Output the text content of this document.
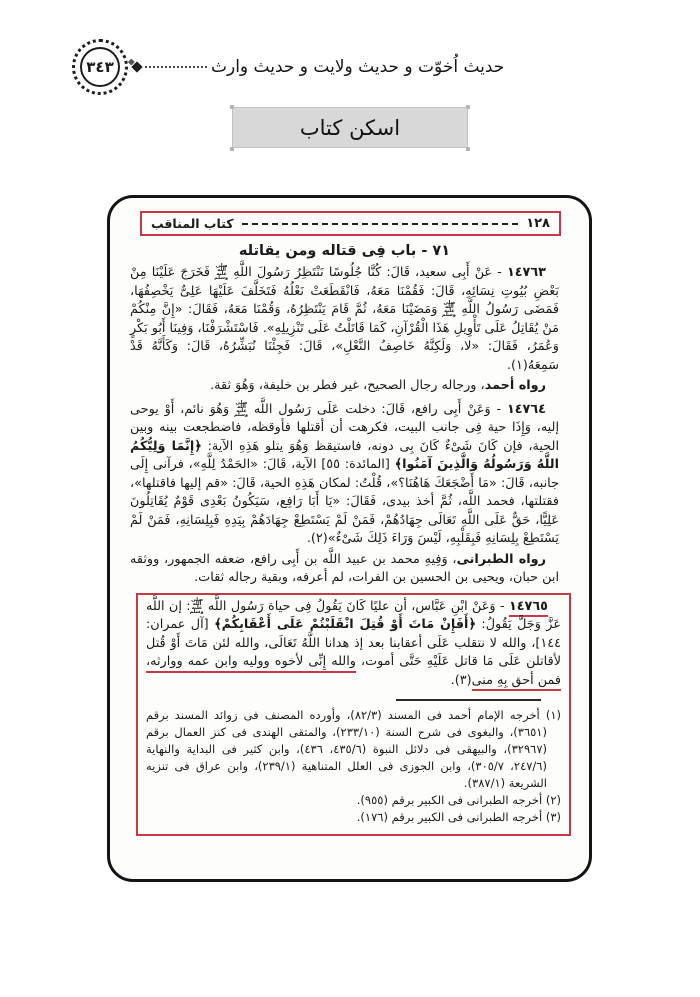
٣٤٣	حديث اُخوّت و حديث ولايت و حديث وارث
اسكن كتاب
كتاب المناقب	١٢٨
٧١ - باب فِى قتاله ومن يقاتله

١٤٧٦٣ - عَنْ أَبِى سعيد، قَالَ: كُنَّا جُلُوسًا نَنْتَظِرُ رَسُولَ اللَّهِ صلى الله عليه وسلم فَخَرَجَ عَلَيْنَا مِنْ بَعْضِ بُيُوتِ نِسَائِهِ، قَالَ: فَقُمْنَا مَعَهُ، فَانْقَطَعَتْ نَعْلُهُ فَتَخَلَّفَ عَلَيْهَا عَلِىٌّ يَخْصِفُهَا، فَمَضَى رَسُولُ اللَّهِ صلى الله عليه وسلم وَمَضَيْنَا مَعَهُ، ثُمَّ قَامَ يَنْتَظِرُهُ، وَقُمْنَا مَعَهُ، فَقَالَ: «إِنَّ مِنْكُمْ مَنْ يُقَاتِلُ عَلَى تَأْوِيلِ هَذَا الْقُرْآنِ، كَمَا قَاتَلْتُ عَلَى تَنْزِيلِهِ». فَاسْتَشْرَفْنَا، وَفِينَا أَبُو بَكْرٍ وَعُمَرُ، فَقَالَ: «لا، وَلَكِنَّهُ خَاصِفُ النَّعْلِ»، قَالَ: فَجِئْنَا نُبَشِّرُهُ، قَالَ: وَكَأَنَّهُ قَدْ سَمِعَهُ(١).

رواه أحمد، ورجاله رجال الصحيح، غير فطر بن خليفة، وَهُوَ ثقة.

١٤٧٦٤ - وَعَنْ أَبِى رافع، قَالَ: دخلت عَلَى رَسُول اللَّه صلى الله عليه وسلم وَهُوَ نائم، أَوْ يوحى إليه، وَإِذَا حية فِى جانب البيت، فكرهت أن أقتلها فأوقظه، فاضطجعت بينه وبين الحية، فإن كَانَ شَىْءٌ كَانَ بِى دونه، فاستيقظ وَهُوَ يتلو هَذِهِ الآية: ﴿إِنَّمَا وَلِيُّكُمُ اللَّهُ وَرَسُولُهُ وَالَّذِينَ آمَنُوا﴾ [المائدة: ٥٥] الآية، قَالَ: «الحَمْدُ لِلَّهِ»، فرآنى إِلَى جانبه، قَالَ: «مَا أَضْجَعَكَ هَاهُنَا؟»، قُلْتُ: لمكان هَذِهِ الحية، قَالَ: «قم إليها فاقتلها»، فقتلتها، فحمد اللَّه، ثُمَّ أخذ بيدى، فَقَالَ: «يَا أَبَا رَافِع، سَيَكُونُ بَعْدِى قَوْمٌ يُقَاتِلُونَ عَلِيًّا، حَقٌّ عَلَى اللَّهِ تَعَالَى جِهَادُهُمْ، فَمَنْ لَمْ يَسْتَطِعْ جِهَادَهُمْ بِيَدِهِ فَبِلِسَانِهِ، فَمَنْ لَمْ يَسْتَطِعْ بِلِسَانِهِ فَبِقَلْبِهِ، لَيْسَ وَرَاءَ ذَلِكَ شَىْءٌ»(٢).

رواه الطبرانى، وَفِيهِ محمد بن عبيد اللَّه بن أَبِى رافع، ضعفه الجمهور، ووثقه ابن حبان، ويحيى بن الحسين بن الفرات، لم أعرفه، وبقية رجاله ثقات.

١٤٧٦٥ - وَعَنْ ابْنِ عَبَّاس، أن عليًا كَانَ يَقُولُ فِى حياة رَسُول اللَّه صلى الله عليه وسلم: إن اللَّه عَزَّ وَجَلَّ يَقُولُ: ﴿أَفَإِنْ مَاتَ أَوْ قُتِلَ انْقَلَبْتُمْ عَلَى أَعْقَابِكُمْ﴾ [آل عمران: ١٤٤]، والله لا نتقلب عَلَى أعقابنا بعد إذ هدانا اللَّهُ تَعَالَى، والله لئن مَاتَ أَوْ قُتل لأقاتلن عَلَى مَا قاتل عَلَيْهِ حَتَّى أموت، والله إِنِّى لأخوه ووليه وابن عمه ووارثه، فمن أحق بِهِ منى(٣).

(١) أخرجه الإمام أحمد فى المسند (٨٢/٣)، وأورده المصنف فى زوائد المسند برقم (٣٦٥١)، والبغوى فى شرح السنة (٢٣٣/١٠)، والمتقى الهندى فى كنز العمال برقم (٣٢٩٦٧)، والبيهقى فى دلائل النبوة (٤٣٥/٦، ٤٣٦)، وابن كثير فى البداية والنهاية (٢٤٧/٦، ٣٠٥/٧)، وابن الجوزى فى العلل المتناهية (٢٣٩/١)، وابن عراق فى تنزيه الشريعة (٣٨٧/١).

(٢) أخرجه الطبرانى فى الكبير برقم (٩٥٥).

(٣) أخرجه الطبرانى فى الكبير برقم (١٧٦).
